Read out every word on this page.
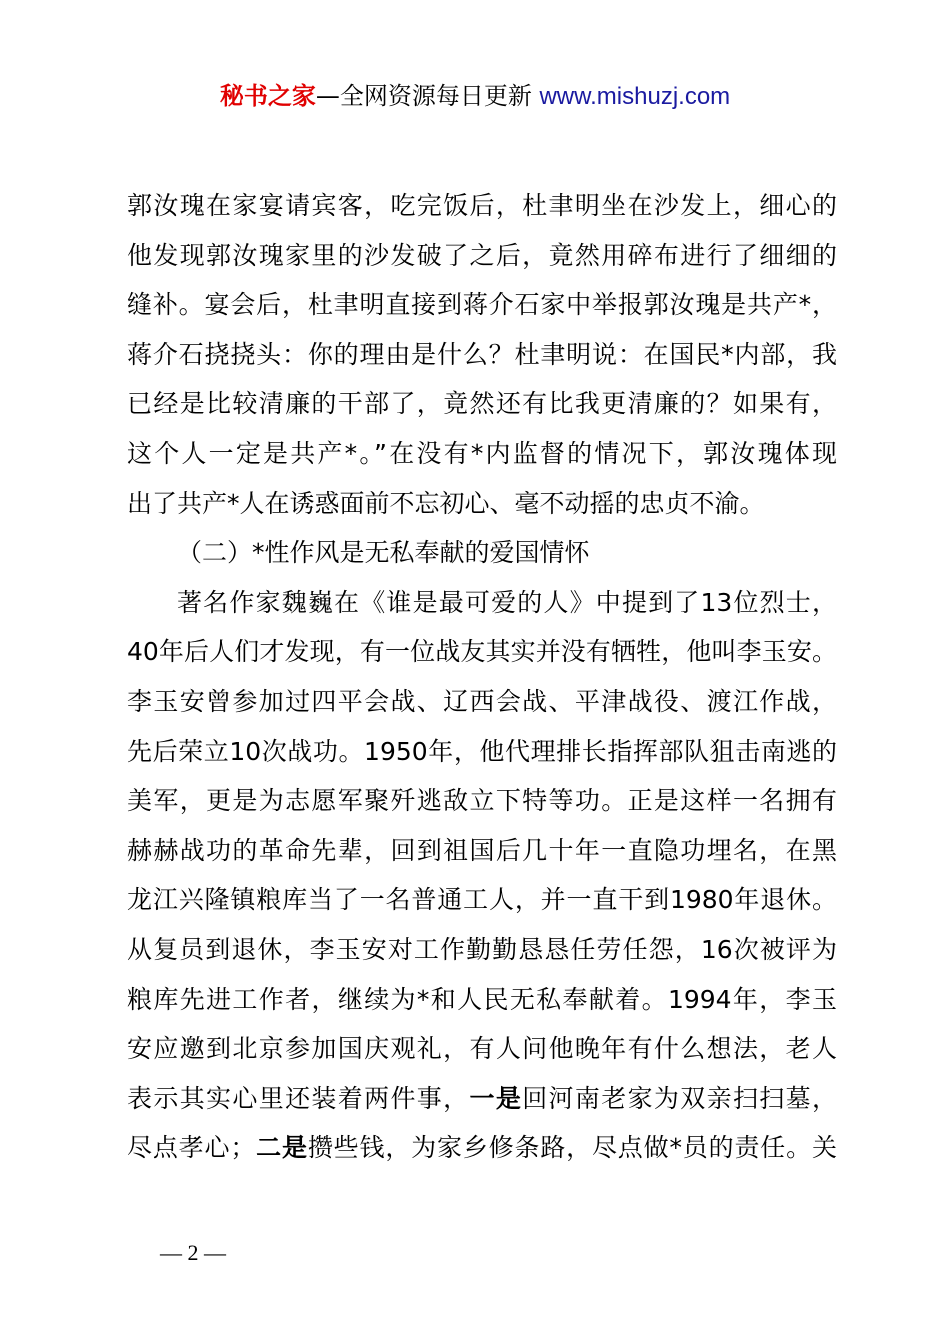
秘书之家—全网资源每日更新 www.mishuzj.com
郭汝瑰在家宴请宾客，吃完饭后，杜聿明坐在沙发上，细心的
他发现郭汝瑰家里的沙发破了之后，竟然用碎布进行了细细的
缝补。宴会后，杜聿明直接到蒋介石家中举报郭汝瑰是共产*，
蒋介石挠挠头：你的理由是什么？杜聿明说：在国民*内部，我
已经是比较清廉的干部了，竟然还有比我更清廉的？如果有，
这个人一定是共产*。”在没有*内监督的情况下，郭汝瑰体现
出了共产*人在诱惑面前不忘初心、毫不动摇的忠贞不渝。
（二）*性作风是无私奉献的爱国情怀
著名作家魏巍在《谁是最可爱的人》中提到了13位烈士，
40年后人们才发现，有一位战友其实并没有牺牲，他叫李玉安。
李玉安曾参加过四平会战、辽西会战、平津战役、渡江作战，
先后荣立10次战功。1950年，他代理排长指挥部队狙击南逃的
美军，更是为志愿军聚歼逃敌立下特等功。正是这样一名拥有
赫赫战功的革命先辈，回到祖国后几十年一直隐功埋名，在黑
龙江兴隆镇粮库当了一名普通工人，并一直干到1980年退休。
从复员到退休，李玉安对工作勤勤恳恳任劳任怨，16次被评为
粮库先进工作者，继续为*和人民无私奉献着。1994年，李玉
安应邀到北京参加国庆观礼，有人问他晚年有什么想法，老人
表示其实心里还装着两件事，一是回河南老家为双亲扫扫墓，
尽点孝心；二是攒些钱，为家乡修条路，尽点做*员的责任。关
— 2 —
